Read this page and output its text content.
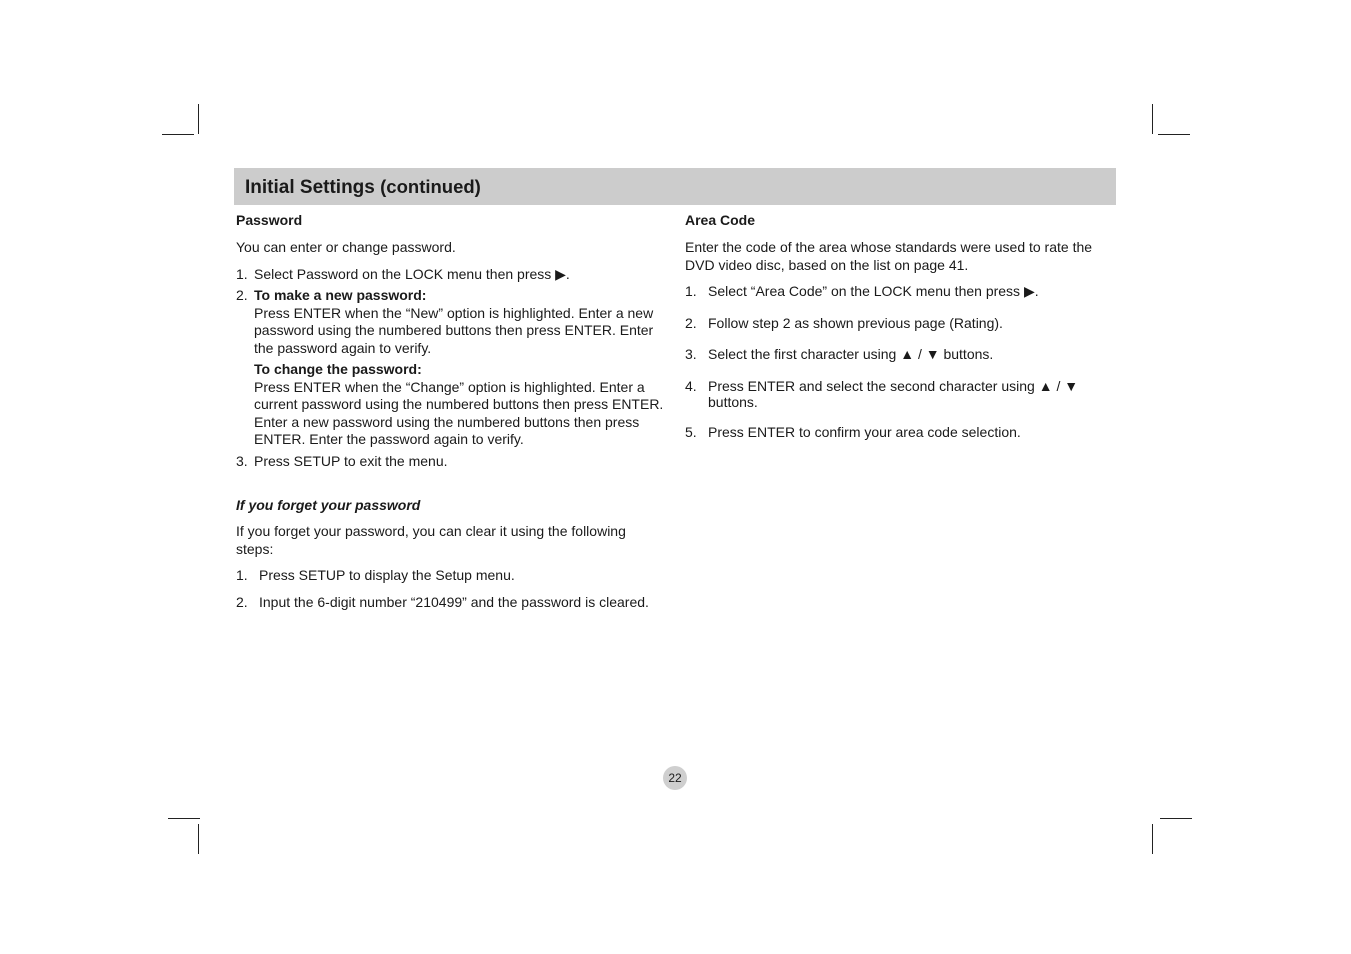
Initial Settings (continued)
Password

You can enter or change password.

1. Select Password on the LOCK menu then press ▶.
2. To make a new password:
Press ENTER when the “New” option is highlighted. Enter a new password using the numbered buttons then press ENTER. Enter the password again to verify.
To change the password:
Press ENTER when the “Change” option is highlighted. Enter a current password using the numbered buttons then press ENTER. Enter a new password using the numbered buttons then press ENTER. Enter the password again to verify.
3. Press SETUP to exit the menu.
If you forget your password

If you forget your password, you can clear it using the following steps:

1. Press SETUP to display the Setup menu.
2. Input the 6-digit number “210499” and the password is cleared.
Area Code

Enter the code of the area whose standards were used to rate the DVD video disc, based on the list on page 41.

1. Select “Area Code” on the LOCK menu then press ▶.
2. Follow step 2 as shown previous page (Rating).
3. Select the first character using ▲ / ▼ buttons.
4. Press ENTER and select the second character using ▲ / ▼ buttons.
5. Press ENTER to confirm your area code selection.
22
